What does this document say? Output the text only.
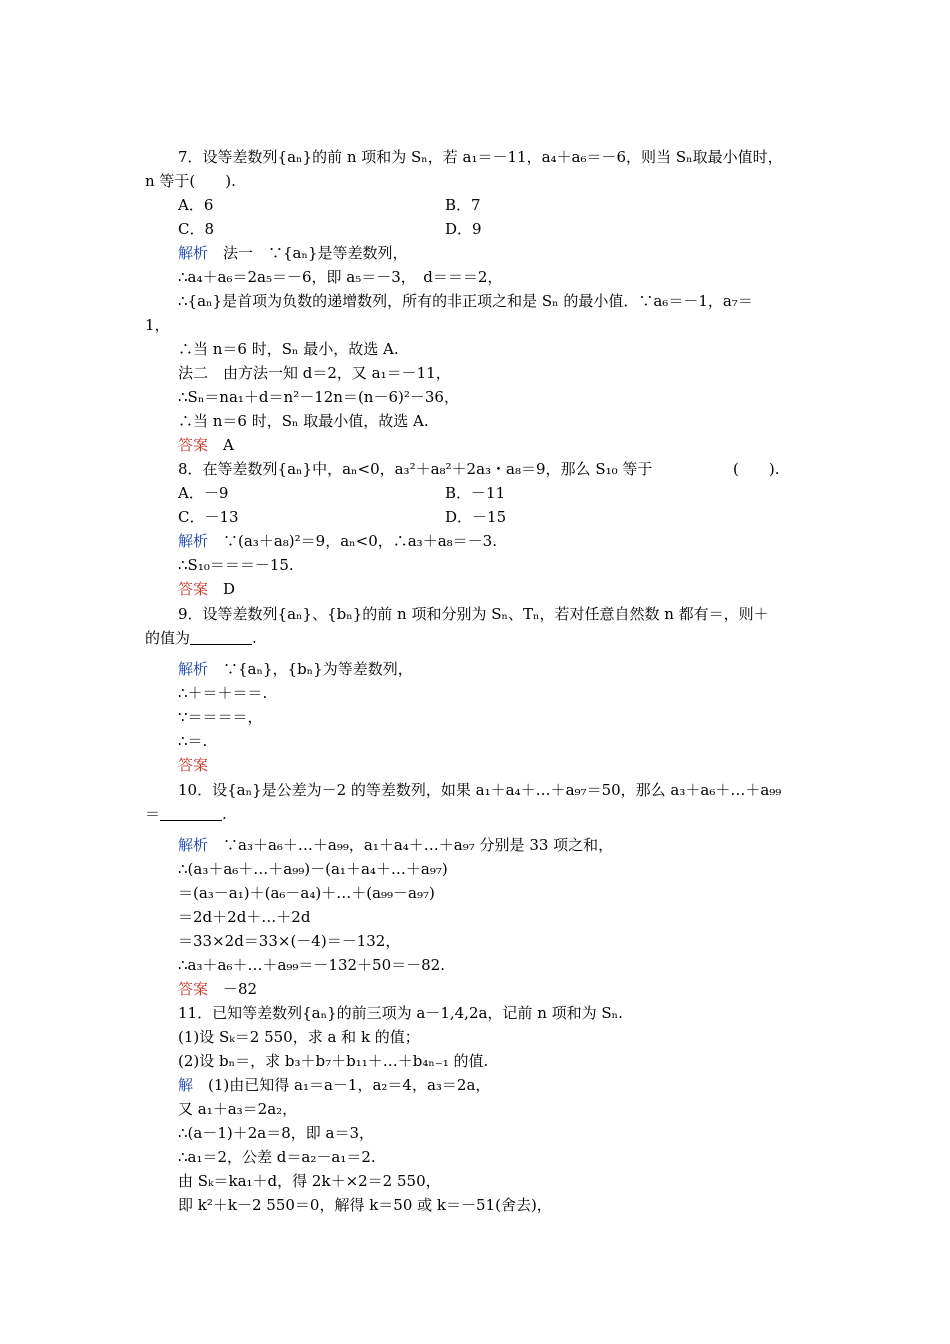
7．设等差数列{aₙ}的前 n 项和为 Sₙ，若 a₁＝－11，a₄＋a₆＝－6，则当 Sₙ取最小值时，
n 等于(　　).
A．6	B．7
C．8	D．9
解析　法一　∵{aₙ}是等差数列，
∴a₄＋a₆＝2a₅＝－6，即 a₅＝－3，　d＝＝＝2，
∴{aₙ}是首项为负数的递增数列，所有的非正项之和是 Sₙ 的最小值．∵a₆＝－1，a₇＝
1，
∴当 n＝6 时，Sₙ 最小，故选 A.
法二　由方法一知 d＝2，又 a₁＝－11，
∴Sₙ＝na₁＋d＝n²－12n＝(n－6)²－36，
∴当 n＝6 时，Sₙ 取最小值，故选 A.
答案　A
8．在等差数列{aₙ}中，aₙ<0，a₃²＋a₈²＋2a₃・a₈＝9，那么 S₁₀ 等于	(　　).
A．－9	B．－11
C．－13	D．－15
解析　∵(a₃＋a₈)²＝9，aₙ<0，∴a₃＋a₈＝－3.
∴S₁₀＝＝＝－15.
答案　D
9．设等差数列{aₙ}、{bₙ}的前 n 项和分别为 Sₙ、Tₙ，若对任意自然数 n 都有＝，则＋
的值为	.
解析　∵{aₙ}，{bₙ}为等差数列，
∴＋＝＋＝＝.
∵＝＝＝＝，
∴＝.
答案
10．设{aₙ}是公差为－2 的等差数列，如果 a₁＋a₄＋…＋a₉₇＝50，那么 a₃＋a₆＋…＋a₉₉
＝	.
解析　∵a₃＋a₆＋…＋a₉₉，a₁＋a₄＋…＋a₉₇ 分别是 33 项之和，
∴(a₃＋a₆＋…＋a₉₉)－(a₁＋a₄＋…＋a₉₇)
＝(a₃－a₁)＋(a₆－a₄)＋…＋(a₉₉－a₉₇)
＝2d＋2d＋…＋2d
＝33×2d＝33×(－4)＝－132，
∴a₃＋a₆＋…＋a₉₉＝－132＋50＝－82.
答案　－82
11．已知等差数列{aₙ}的前三项为 a－1,4,2a，记前 n 项和为 Sₙ.
(1)设 Sₖ＝2 550，求 a 和 k 的值；
(2)设 bₙ＝，求 b₃＋b₇＋b₁₁＋…＋b₄ₙ₋₁ 的值.
解　(1)由已知得 a₁＝a－1，a₂＝4，a₃＝2a，
又 a₁＋a₃＝2a₂，
∴(a－1)＋2a＝8，即 a＝3，
∴a₁＝2，公差 d＝a₂－a₁＝2.
由 Sₖ＝ka₁＋d，得 2k＋×2＝2 550，
即 k²＋k－2 550＝0，解得 k＝50 或 k＝－51(舍去)，
